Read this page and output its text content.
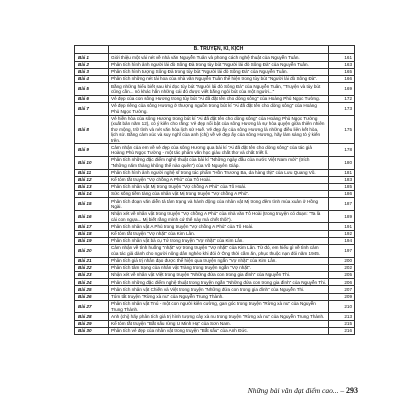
	B. TRUYỆN, KÍ, KỊCH	
Bài 1	Giới thiệu một vài nét về nhà văn Nguyễn Tuân và phong cách nghệ thuật của Nguyễn Tuân.	161
Bài 2	Phân tích hình ảnh người lái đò Sông Đà trong tùy bút "Người lái đò Sông Đà" của Nguyễn Tuân.	163
Bài 3	Phân tích hình tượng Sông Đà trong tùy bút "Người lái đò Sông Đà" của Nguyễn Tuân.	165
Bài 4	Phân tích những nét tài hoa của nhà văn Nguyễn Tuân thể hiện trong tùy bút "Người lái đò Sông Đà".	166
Bài 5	Bằng những hiểu biết sau khi đọc tùy bút "Người lái đò Sông Đà" của Nguyễn Tuân, "Truyện và tùy bút cũng cần... nó khác hẳn những cái đó được viết bằng ngòi bút của một người..."	169
Bài 6	Vẻ đẹp của con sông Hương trong tùy bút "Ai đã đặt tên cho dòng sông" của Hoàng Phủ Ngọc Tường.	172
Bài 7	Vẻ đẹp riêng của sông Hương ở thượng nguồn trong bút kí "Ai đã đặt tên cho dòng sông" của Hoàng Phủ Ngọc Tường.	173
Bài 8	Vẻ hiền hòa của sông Hương trong bút kí "Ai đã đặt tên cho dòng sông" của Hoàng Phủ Ngọc Tường (xuất bản năm 12), có ý kiến cho rằng: Vẻ đẹp nổi bật của sông Hương là sự hòa quyện giữa thiên nhiên thơ mộng, trữ tình và nét văn hóa lịch sử Huế. Vẻ đẹp ấy của sông Hương là những điều liên kết hòa, lịch sử. Bằng cảm xúc và suy nghĩ của anh (chị) về vẻ đẹp ấy của sông Hương, hãy làm sáng tỏ ý kiến trên.	175
Bài 9	Cảm nhận của em về vẻ đẹp của sông Hương qua bài kí "Ai đã đặt tên cho dòng sông" của tác giả Hoàng Phủ Ngọc Tường - một tác phẩm văn học giàu chất thơ và chất triết lí.	178
Bài 10	Phân tích những đặc điểm nghệ thuật của bài kí "Những ngày đầu của nước Việt Nam mới" (trích "Những năm tháng không thể nào quên") của Võ Nguyên Giáp.	180
Bài 11	Phân tích hình ảnh người nghệ sĩ trong tác phẩm "Hồn Trương Ba, da hàng thịt" của Lưu Quang Vũ.	181
Bài 12	Kể tóm tắt truyện "Vợ chồng A Phủ" của Tô Hoài.	183
Bài 13	Phân tích nhân vật Mị trong truyện "Vợ chồng A Phủ" của Tô Hoài.	185
Bài 14	Sức sống tiềm tàng của nhân vật Mị trong truyện "Vợ chồng A Phủ".	186
Bài 15	Phân tích đoạn văn diễn tả tâm trạng và hành động của nhân vật Mị trong đêm tình mùa xuân ở Hồng Ngài.	187
Bài 16	Nhận xét về nhân vật trong truyện "Vợ chồng A Phủ" của nhà văn Tô Hoài (trong truyện có đoạn: "Ta là cái con ngựa... Mị biết rằng mình cứ thế này mà chết thôi").	189
Bài 17	Phân tích nhân vật A Phủ trong truyện "Vợ chồng A Phủ" của Tô Hoài.	191
Bài 18	Kể tóm tắt truyện "Vợ nhặt" của Kim Lân.	192
Bài 19	Phân tích nhân vật bà cụ Tứ trong truyện "Vợ nhặt" của Kim Lân.	194
Bài 20	Cảm nhận về tình huống "nhặt" vợ trong truyện "Vợ nhặt" của Kim Lân. Từ đó, em hiểu gì về tình cảm của tác giả dành cho người nông dân nghèo khi đói ở Ông thời cầm ăn, phục thuộc nạn đói năm 1945.	197
Bài 21	Phân tích giá trị nhân đạo được thể hiện qua truyện ngắn "Vợ nhặt" của Kim Lân.	200
Bài 22	Phân tích tâm trạng của nhân vật Tràng trong truyện ngắn "Vợ nhặt".	202
Bài 23	Nhận xét về nhân vật Việt trong truyện "Những đứa con trong gia đình" của Nguyễn Thi.	205
Bài 24	Phân tích những đặc điểm nghệ thuật trong truyện ngắn "Những đứa con trong gia đình" của Nguyễn Thi.	206
Bài 25	Phân tích nhân vật Chiến và Việt trong truyện "Những đứa con trong gia đình" của Nguyễn Thi.	207
Bài 26	Tóm tắt truyện "Rừng xà nu" của Nguyễn Trung Thành.	209
Bài 27	Phân tích nhân vật Tnú - một con người kiên cường, gan góc trong truyện "Rừng xà nu" của Nguyễn Trung Thành.	210
Bài 28	Anh (chị) hãy phân tích giá trị hình tượng cây xà nu trong truyện "Rừng xà nu" của Nguyễn Trung Thành.	213
Bài 29	Kể tóm tắt truyện "Bắt sấu rừng U Minh Hạ" của Sơn Nam.	215
Bài 30	Phân tích vẻ đẹp của nhân vật trong truyện "Bắt sấu" của Anh Đức.	216
Những bài văn đạt điểm cao... – 293
